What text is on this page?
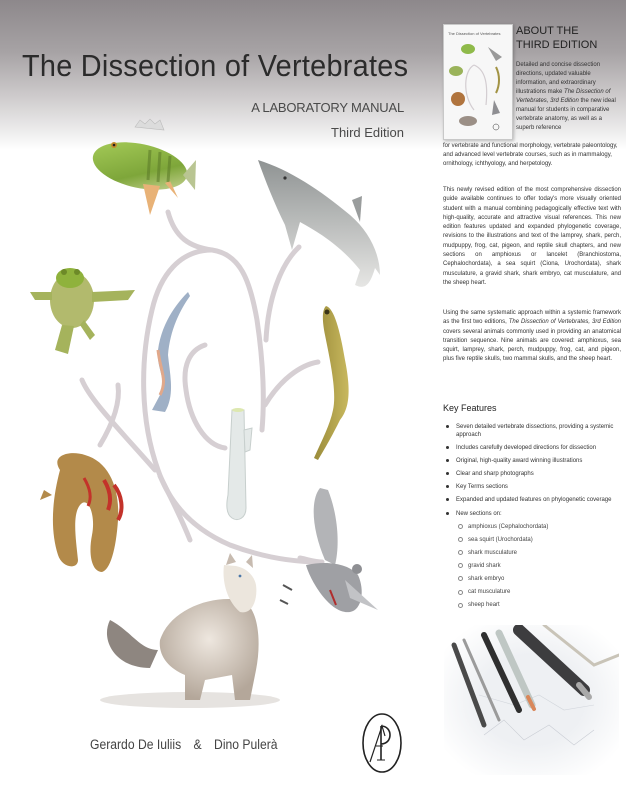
The Dissection of Vertebrates
A LABORATORY MANUAL
Third Edition
The Dissection of Vertebrates ABOUT THE
THIRD EDITION
Detailed and concise dissection directions, updated valuable information, and extraordinary illustrations make The Dissection of Vertebrates, 3rd Edition the new ideal manual for students in comparative vertebrate anatomy, as well as a superb reference
for vertebrate and functional morphology, vertebrate paleontology, and advanced level vertebrate courses, such as in mammalogy, ornithology, ichthyology, and herpetology.
This newly revised edition of the most comprehensive dissection guide available continues to offer today's more visually oriented student with a manual combining pedagogically effective text with high-quality, accurate and attractive visual references. This new edition features updated and expanded phylogenetic coverage, revisions to the illustrations and text of the lamprey, shark, perch, mudpuppy, frog, cat, pigeon, and reptile skull chapters, and new sections on amphioxus or lancelet (Branchiostoma, Cephalochordata), a sea squirt (Ciona, Urochordata), shark musculature, a gravid shark, shark embryo, cat musculature, and the sheep heart.
Using the same systematic approach within a systemic framework as the first two editions, The Dissection of Vertebrates, 3rd Edition covers several animals commonly used in providing an anatomical transition sequence. Nine animals are covered: amphioxus, sea squirt, lamprey, shark, perch, mudpuppy, frog, cat, and pigeon, plus five reptile skulls, two mammal skulls, and the sheep heart.
Key Features
Seven detailed vertebrate dissections, providing a systemic approach
Includes carefully developed directions for dissection
Original, high-quality award winning illustrations
Clear and sharp photographs
Key Terms sections
Expanded and updated features on phylogenetic coverage
New sections on:
amphioxus (Cephalochordata)
sea squirt (Urochordata)
shark musculature
gravid shark
shark embryo
cat musculature
sheep heart
Gerardo De Iuliis & Dino Pulerà
